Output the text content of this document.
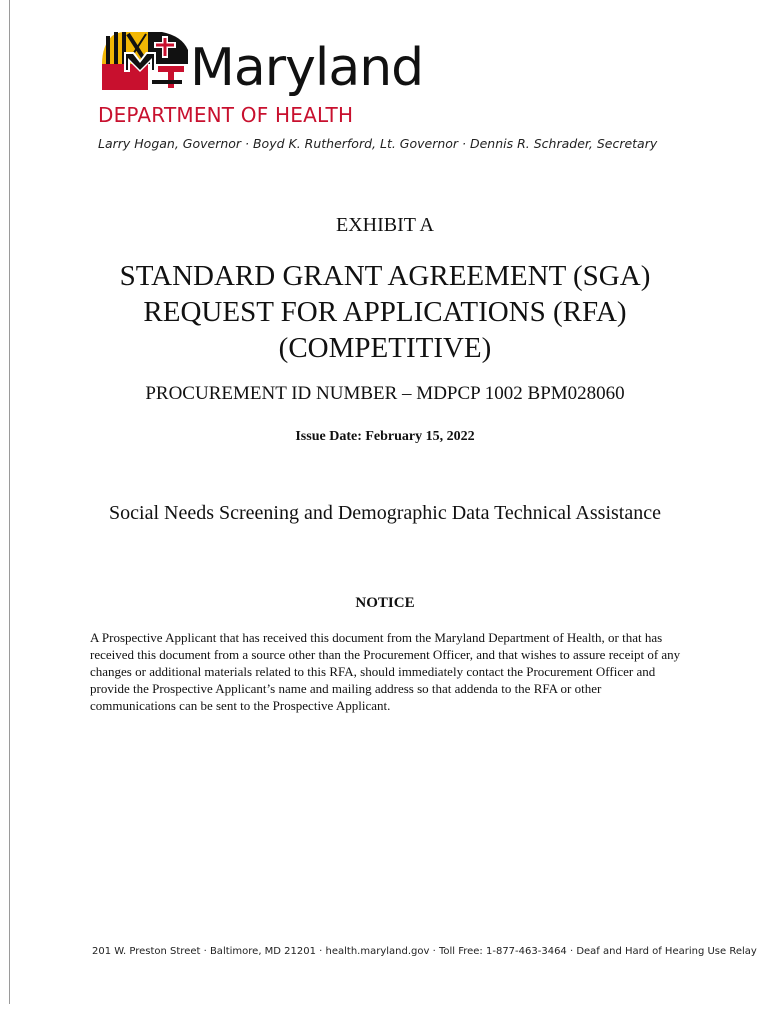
Maryland
DEPARTMENT OF HEALTH
Larry Hogan, Governor · Boyd K. Rutherford, Lt. Governor · Dennis R. Schrader, Secretary
EXHIBIT A
STANDARD GRANT AGREEMENT (SGA)
REQUEST FOR APPLICATIONS (RFA)
(COMPETITIVE)
PROCUREMENT ID NUMBER – MDPCP 1002 BPM028060
Issue Date: February 15, 2022
Social Needs Screening and Demographic Data Technical Assistance
NOTICE
A Prospective Applicant that has received this document from the Maryland Department of Health, or that has received this document from a source other than the Procurement Officer, and that wishes to assure receipt of any changes or additional materials related to this RFA, should immediately contact the Procurement Officer and provide the Prospective Applicant’s name and mailing address so that addenda to the RFA or other communications can be sent to the Prospective Applicant.
201 W. Preston Street · Baltimore, MD 21201 · health.maryland.gov · Toll Free: 1-877-463-3464 · Deaf and Hard of Hearing Use Relay
